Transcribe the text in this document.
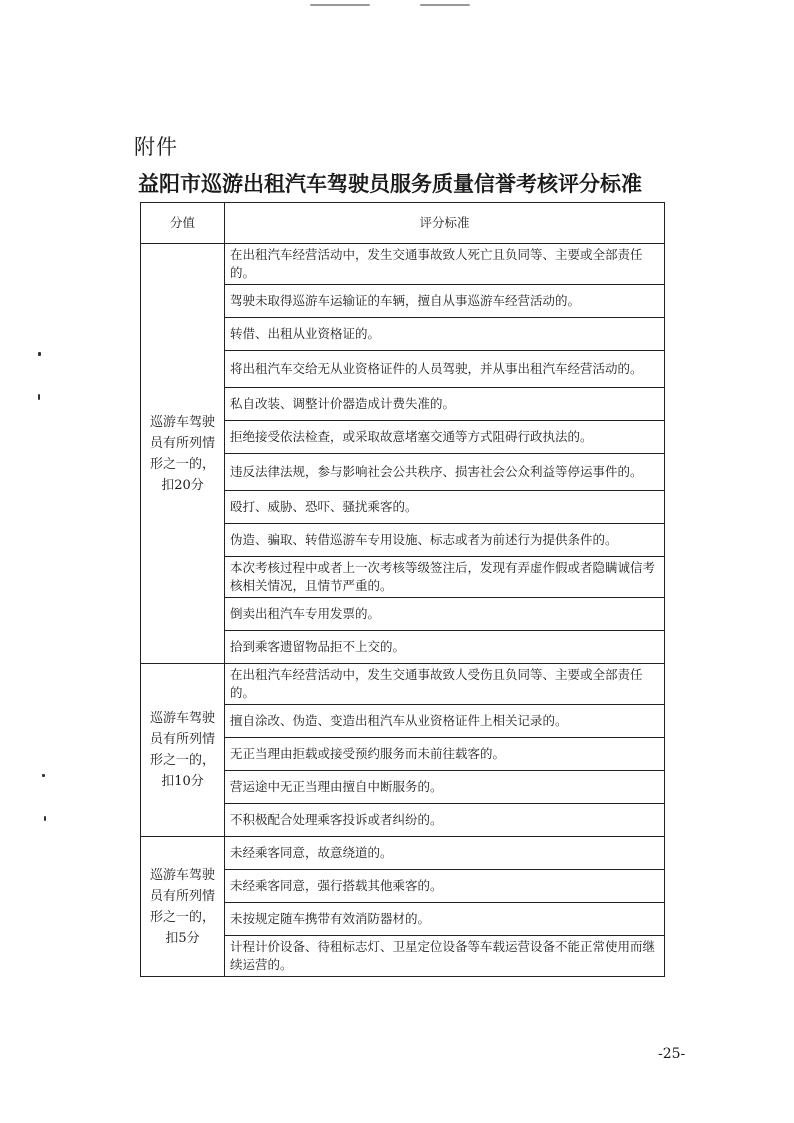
附件
益阳市巡游出租汽车驾驶员服务质量信誉考核评分标准
分值	评分标准
巡游车驾驶员有所列情形之一的，扣20分	在出租汽车经营活动中，发生交通事故致人死亡且负同等、主要或全部责任的。
	驾驶未取得巡游车运输证的车辆，擅自从事巡游车经营活动的。
	转借、出租从业资格证的。
	将出租汽车交给无从业资格证件的人员驾驶，并从事出租汽车经营活动的。
	私自改装、调整计价器造成计费失准的。
	拒绝接受依法检查，或采取故意堵塞交通等方式阻碍行政执法的。
	违反法律法规，参与影响社会公共秩序、损害社会公众利益等停运事件的。
	殴打、威胁、恐吓、骚扰乘客的。
	伪造、骗取、转借巡游车专用设施、标志或者为前述行为提供条件的。
	本次考核过程中或者上一次考核等级签注后，发现有弄虚作假或者隐瞒诚信考核相关情况，且情节严重的。
	倒卖出租汽车专用发票的。
	拾到乘客遗留物品拒不上交的。
巡游车驾驶员有所列情形之一的，扣10分	在出租汽车经营活动中，发生交通事故致人受伤且负同等、主要或全部责任的。
	擅自涂改、伪造、变造出租汽车从业资格证件上相关记录的。
	无正当理由拒载或接受预约服务而未前往载客的。
	营运途中无正当理由擅自中断服务的。
	不积极配合处理乘客投诉或者纠纷的。
巡游车驾驶员有所列情形之一的，扣5分	未经乘客同意，故意绕道的。
	未经乘客同意，强行搭载其他乘客的。
	未按规定随车携带有效消防器材的。
	计程计价设备、待租标志灯、卫星定位设备等车载运营设备不能正常使用而继续运营的。
-25-
